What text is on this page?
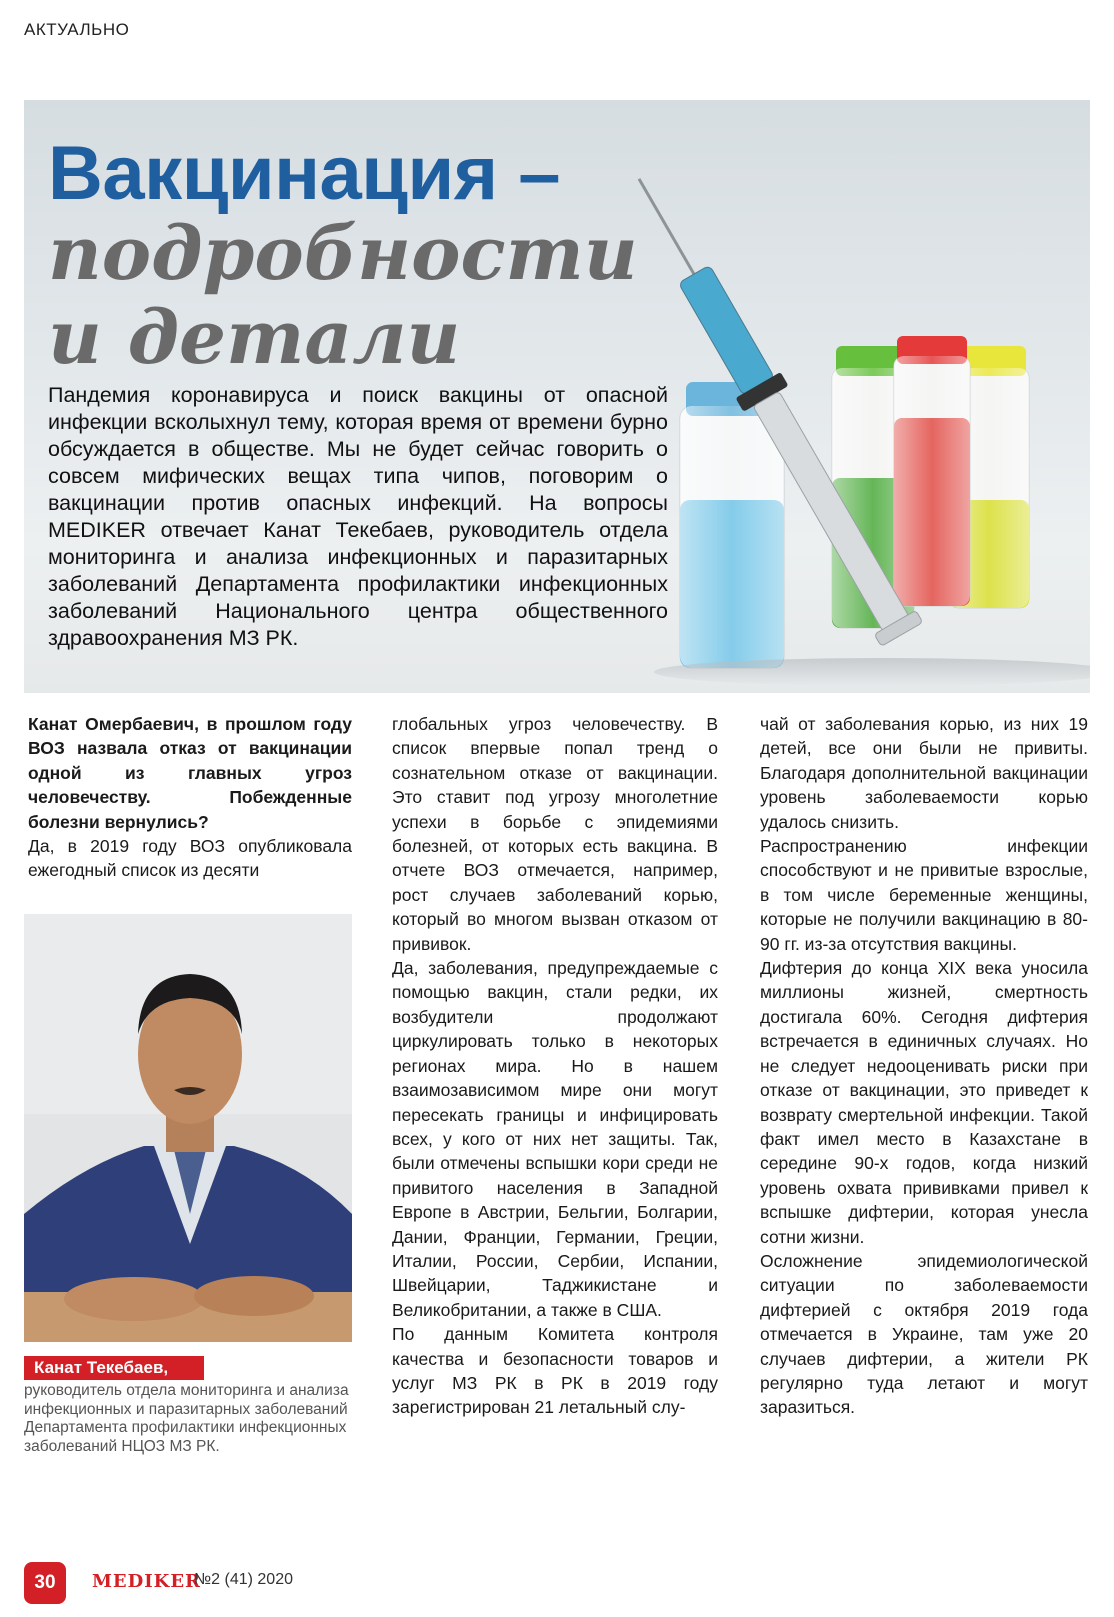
АКТУАЛЬНО
Вакцинация –
подробности
и детали
Пандемия коронавируса и поиск вакцины от опасной инфекции всколыхнул тему, которая время от времени бурно обсуждается в обществе. Мы не будет сейчас говорить о совсем мифических вещах типа чипов, поговорим о вакцинации против опасных инфекций. На вопросы MEDIKER отвечает Канат Текебаев, руководитель отдела мониторинга и анализа инфекционных и паразитарных заболеваний Департамента профилактики инфекционных заболеваний Национального центра общественного здравоохранения МЗ РК.

Канат Омербаевич, в прошлом году ВОЗ назвала отказ от вакцинации одной из главных угроз человечеству. Побежденные болезни вернулись?

Да, в 2019 году ВОЗ опубликовала ежегодный список из десяти

Канат Текебаев,
руководитель отдела мониторинга и анализа инфекционных и паразитарных заболеваний Департамента профилактики инфекционных заболеваний НЦОЗ МЗ РК.

глобальных угроз человечеству. В список впервые попал тренд о сознательном отказе от вакцинации. Это ставит под угрозу многолетние успехи в борьбе с эпидемиями болезней, от которых есть вакцина. В отчете ВОЗ отмечается, например, рост случаев заболеваний корью, который во многом вызван отказом от прививок.

Да, заболевания, предупреждаемые с помощью вакцин, стали редки, их возбудители продолжают циркулировать только в некоторых регионах мира. Но в нашем взаимозависимом мире они могут пересекать границы и инфицировать всех, у кого от них нет защиты. Так, были отмечены вспышки кори среди не привитого населения в Западной Европе в Австрии, Бельгии, Болгарии, Дании, Франции, Германии, Греции, Италии, России, Сербии, Испании, Швейцарии, Таджикистане и Великобритании, а также в США.

По данным Комитета контроля качества и безопасности товаров и услуг МЗ РК в РК в 2019 году зарегистрирован 21 летальный слу-

чай от заболевания корью, из них 19 детей, все они были не привиты. Благодаря дополнительной вакцинации уровень заболеваемости корью удалось снизить.

Распространению инфекции способствуют и не привитые взрослые, в том числе беременные женщины, которые не получили вакцинацию в 80-90 гг. из-за отсутствия вакцины.

Дифтерия до конца XIX века уносила миллионы жизней, смертность достигала 60%. Сегодня дифтерия встречается в единичных случаях. Но не следует недооценивать риски при отказе от вакцинации, это приведет к возврату смертельной инфекции. Такой факт имел место в Казахстане в середине 90-х годов, когда низкий уровень охвата прививками привел к вспышке дифтерии, которая унесла сотни жизни.

Осложнение эпидемиологической ситуации по заболеваемости дифтерией с октября 2019 года отмечается в Украине, там уже 20 случаев дифтерии, а жители РК регулярно туда летают и могут заразиться.

30	MEDIKER
№2 (41) 2020
